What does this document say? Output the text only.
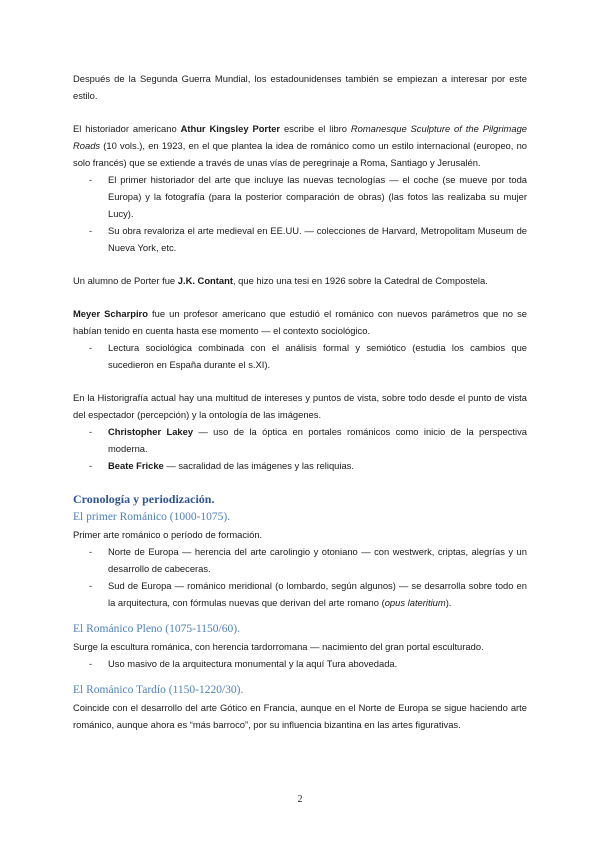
Después de la Segunda Guerra Mundial, los estadounidenses también se empiezan a interesar por este estilo.

El historiador americano Athur Kingsley Porter escribe el libro Romanesque Sculpture of the Pilgrimage Roads (10 vols.), en 1923, en el que plantea la idea de románico como un estilo internacional (europeo, no solo francés) que se extiende a través de unas vías de peregrinaje a Roma, Santiago y Jerusalén.

- El primer historiador del arte que incluye las nuevas tecnologías — el coche (se mueve por toda Europa) y la fotografía (para la posterior comparación de obras) (las fotos las realizaba su mujer Lucy).
- Su obra revaloriza el arte medieval en EE.UU. — colecciones de Harvard, Metropolitam Museum de Nueva York, etc.

Un alumno de Porter fue J.K. Contant, que hizo una tesi en 1926 sobre la Catedral de Compostela.

Meyer Scharpiro fue un profesor americano que estudió el románico con nuevos parámetros que no se habían tenido en cuenta hasta ese momento — el contexto sociológico.

- Lectura sociológica combinada con el análisis formal y semiótico (estudia los cambios que sucedieron en España durante el s.XI).

En la Historigrafía actual hay una multitud de intereses y puntos de vista, sobre todo desde el punto de vista del espectador (percepción) y la ontología de las imágenes.

- Christopher Lakey — uso de la óptica en portales románicos como inicio de la perspectiva moderna.
- Beate Fricke — sacralidad de las imágenes y las reliquias.
Cronología y periodización.
El primer Románico (1000-1075).

Primer arte románico o período de formación.

- Norte de Europa — herencia del arte carolingio y otoniano — con westwerk, criptas, alegrías y un desarrollo de cabeceras.
- Sud de Europa — románico meridional (o lombardo, según algunos) — se desarrolla sobre todo en la arquitectura, con fórmulas nuevas que derivan del arte romano (opus lateritium).
El Románico Pleno (1075-1150/60).

Surge la escultura románica, con herencia tardorromana — nacimiento del gran portal esculturado.

- Uso masivo de la arquitectura monumental y la aquí Tura abovedada.
El Románico Tardío (1150-1220/30).

Coincide con el desarrollo del arte Gótico en Francia, aunque en el Norte de Europa se sigue haciendo arte románico, aunque ahora es “más barroco”, por su influencia bizantina en las artes figurativas.

2
